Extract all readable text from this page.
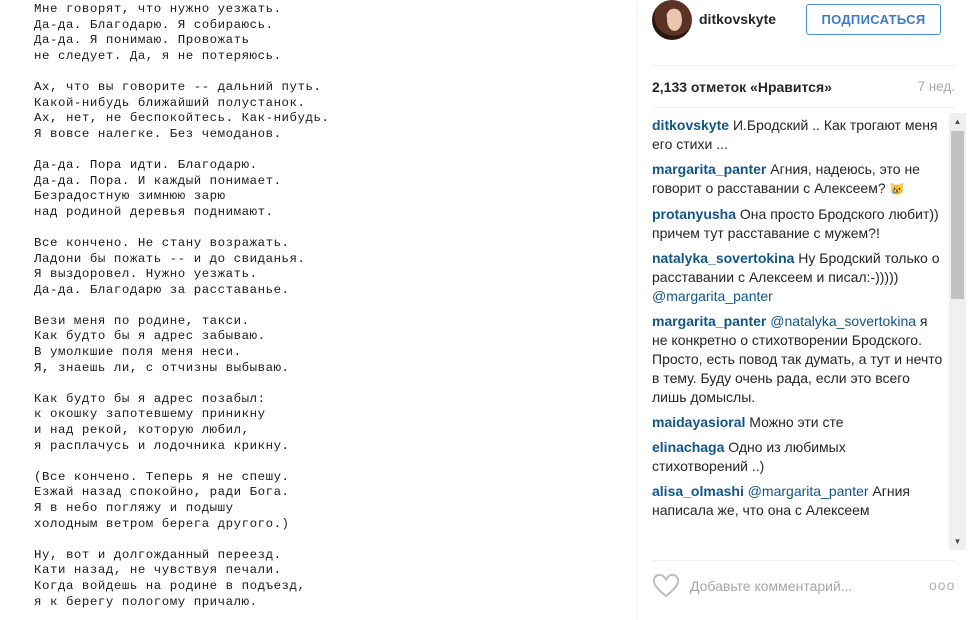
Мне говорят, что нужно уезжать.
Да-да. Благодарю. Я собираюсь.
Да-да. Я понимаю. Провожать
не следует. Да, я не потеряюсь.
Ах, что вы говорите -- дальний путь.
Какой-нибудь ближайший полустанок.
Ах, нет, не беспокойтесь. Как-нибудь.
Я вовсе налегке. Без чемоданов.
Да-да. Пора идти. Благодарю.
Да-да. Пора. И каждый понимает.
Безрадостную зимнюю зарю
над родиной деревья поднимают.
Все кончено. Не стану возражать.
Ладони бы пожать -- и до свиданья.
Я выздоровел. Нужно уезжать.
Да-да. Благодарю за расставанье.
Вези меня по родине, такси.
Как будто бы я адрес забываю.
В умолкшие поля меня неси.
Я, знаешь ли, с отчизны выбываю.
Как будто бы я адрес позабыл:
к окошку запотевшему приникну
и над рекой, которую любил,
я расплачусь и лодочника крикну.
(Все кончено. Теперь я не спешу.
Езжай назад спокойно, ради Бога.
Я в небо погляжу и подышу
холодным ветром берега другого.)
Ну, вот и долгожданный переезд.
Кати назад, не чувствуя печали.
Когда войдешь на родине в подъезд,
я к берегу пологому причалю.
ditkovskyte	ПОДПИСАТЬСЯ
2,133 отметок «Нравится»	7 нед.
ditkovskyte И.Бродский .. Как трогают меня его стихи ...
margarita_panter Агния, надеюсь, это не говорит о расставании с Алексеем? 😿
protanyusha Она просто Бродского любит)) причем тут расставание с мужем?!
natalyka_sovertokina Ну Бродский только о расставании с Алексеем и писал:-))))) @margarita_panter
margarita_panter @natalyka_sovertokina я не конкретно о стихотворении Бродского. Просто, есть повод так думать, а тут и нечто в тему. Буду очень рада, если это всего лишь домыслы.
maidayasioral Можно эти сте
elinachaga Одно из любимых стихотворений ..)
alisa_olmashi @margarita_panter Агния написала же, что она с Алексеем
▲
▼
Добавьте комментарий...
ooo
